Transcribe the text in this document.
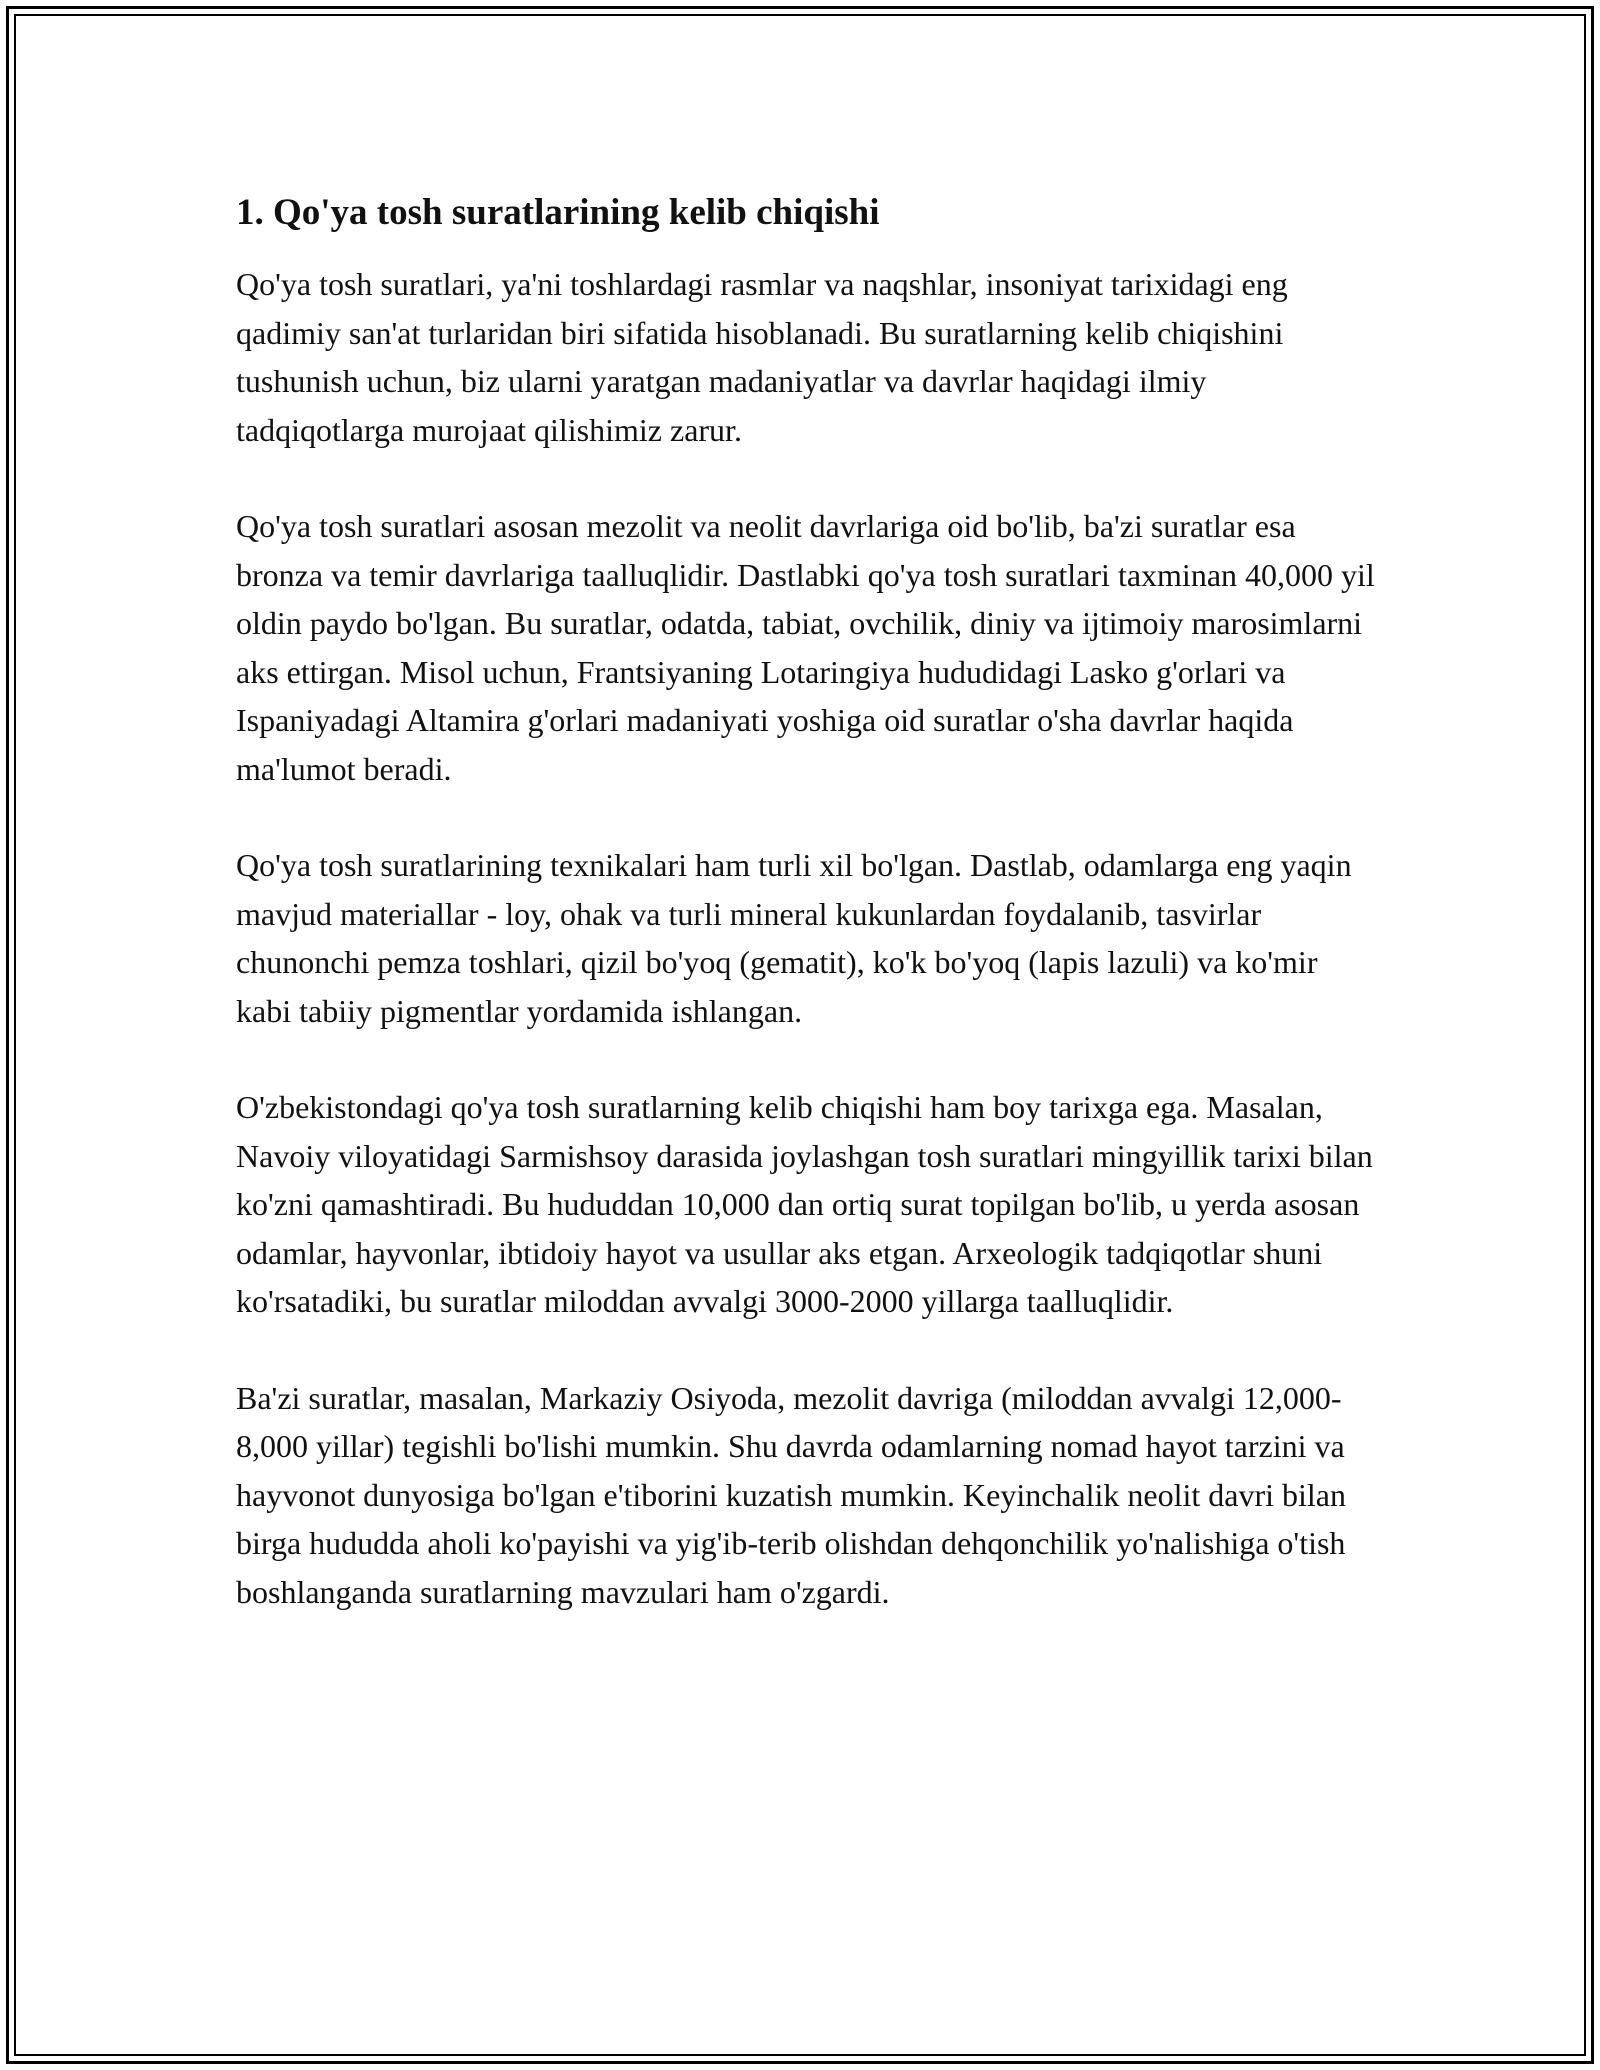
1. Qo'ya tosh suratlarining kelib chiqishi

Qo'ya tosh suratlari, ya'ni toshlardagi rasmlar va naqshlar, insoniyat tarixidagi eng qadimiy san'at turlaridan biri sifatida hisoblanadi. Bu suratlarning kelib chiqishini tushunish uchun, biz ularni yaratgan madaniyatlar va davrlar haqidagi ilmiy tadqiqotlarga murojaat qilishimiz zarur.

Qo'ya tosh suratlari asosan mezolit va neolit davrlariga oid bo'lib, ba'zi suratlar esa bronza va temir davrlariga taalluqlidir. Dastlabki qo'ya tosh suratlari taxminan 40,000 yil oldin paydo bo'lgan. Bu suratlar, odatda, tabiat, ovchilik, diniy va ijtimoiy marosimlarni aks ettirgan. Misol uchun, Frantsiyaning Lotaringiya hududidagi Lasko g'orlari va Ispaniyadagi Altamira g'orlari madaniyati yoshiga oid suratlar o'sha davrlar haqida ma'lumot beradi.

Qo'ya tosh suratlarining texnikalari ham turli xil bo'lgan. Dastlab, odamlarga eng yaqin mavjud materiallar - loy, ohak va turli mineral kukunlardan foydalanib, tasvirlar chunonchi pemza toshlari, qizil bo'yoq (gematit), ko'k bo'yoq (lapis lazuli) va ko'mir kabi tabiiy pigmentlar yordamida ishlangan.

O'zbekistondagi qo'ya tosh suratlarning kelib chiqishi ham boy tarixga ega. Masalan, Navoiy viloyatidagi Sarmishsoy darasida joylashgan tosh suratlari mingyillik tarixi bilan ko'zni qamashtiradi. Bu hududdan 10,000 dan ortiq surat topilgan bo'lib, u yerda asosan odamlar, hayvonlar, ibtidoiy hayot va usullar aks etgan. Arxeologik tadqiqotlar shuni ko'rsatadiki, bu suratlar miloddan avvalgi 3000-2000 yillarga taalluqlidir.

Ba'zi suratlar, masalan, Markaziy Osiyoda, mezolit davriga (miloddan avvalgi 12,000-8,000 yillar) tegishli bo'lishi mumkin. Shu davrda odamlarning nomad hayot tarzini va hayvonot dunyosiga bo'lgan e'tiborini kuzatish mumkin. Keyinchalik neolit davri bilan birga hududda aholi ko'payishi va yig'ib-terib olishdan dehqonchilik yo'nalishiga o'tish boshlanganda suratlarning mavzulari ham o'zgardi.
